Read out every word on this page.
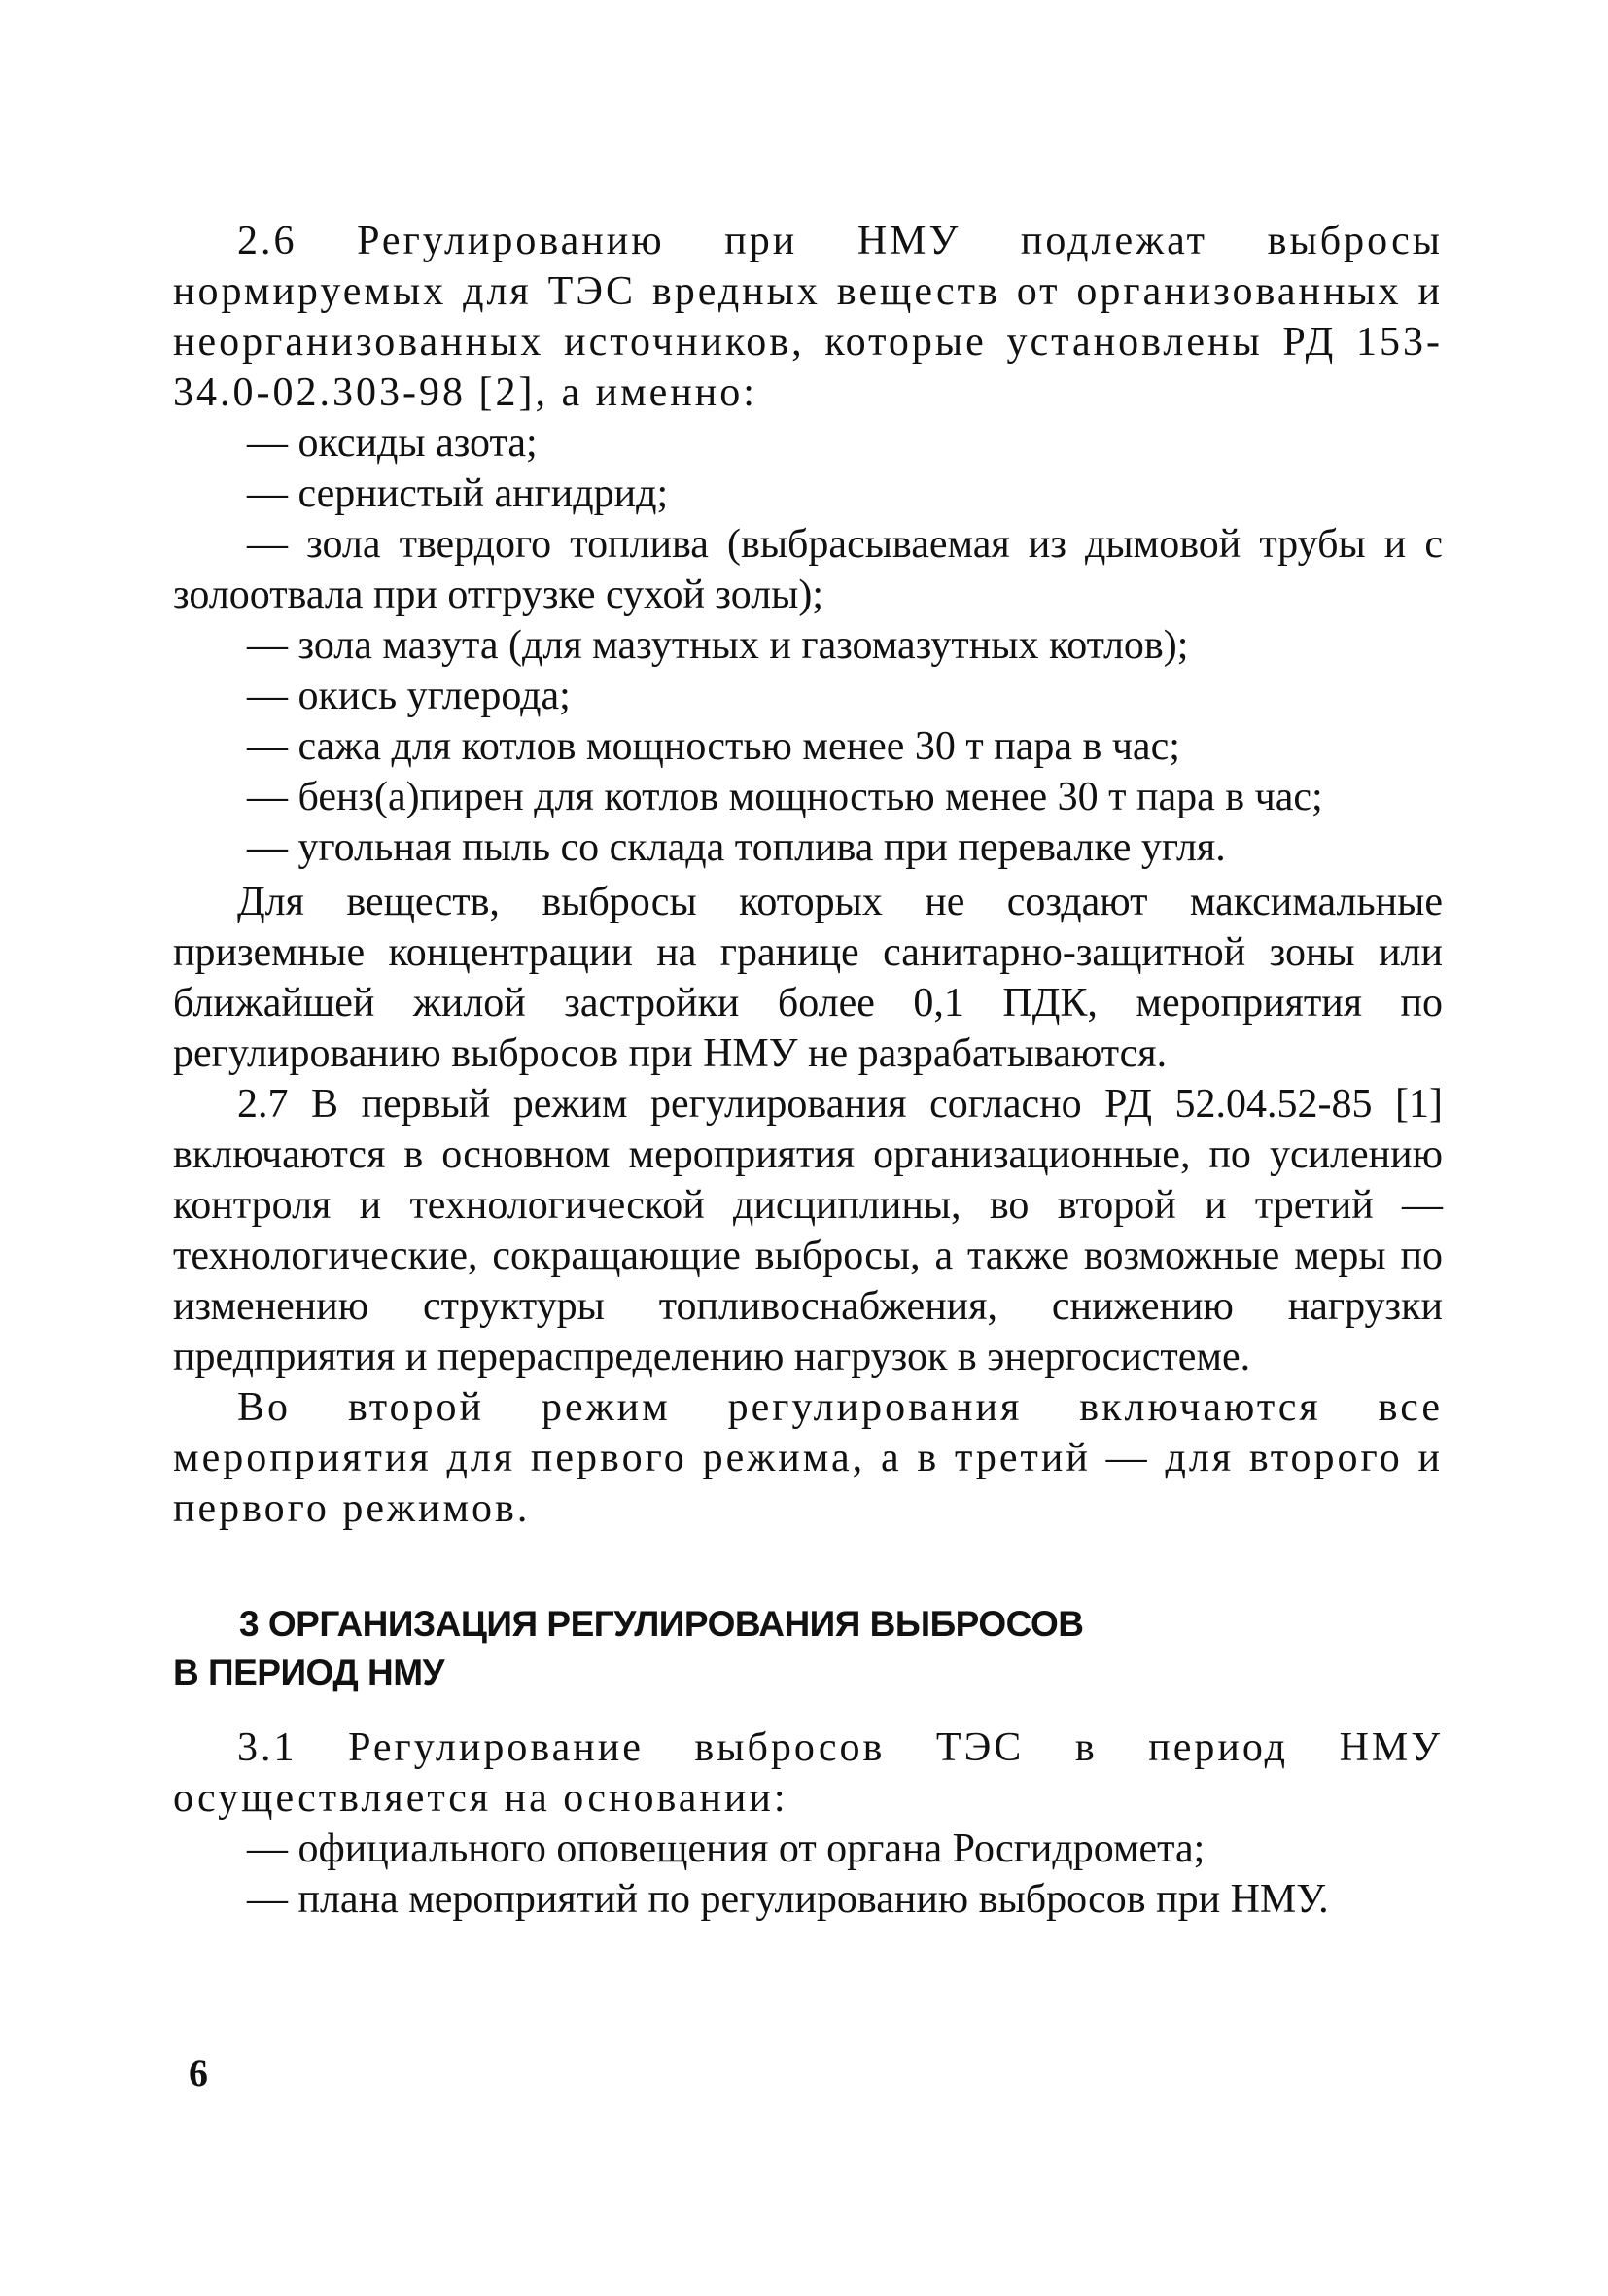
2.6 Регулированию при НМУ подлежат выбросы нормируемых для ТЭС вредных веществ от организованных и неорганизованных источников, которые установлены РД 153-34.0-02.303-98 [2], а именно:

— оксиды азота;

— сернистый ангидрид;

— зола твердого топлива (выбрасываемая из дымовой трубы и с золоотвала при отгрузке сухой золы);

— зола мазута (для мазутных и газомазутных котлов);

— окись углерода;

— сажа для котлов мощностью менее 30 т пара в час;

— бенз(а)пирен для котлов мощностью менее 30 т пара в час;

— угольная пыль со склада топлива при перевалке угля.

Для веществ, выбросы которых не создают максимальные приземные концентрации на границе санитарно-защитной зоны или ближайшей жилой застройки более 0,1 ПДК, мероприятия по регулированию выбросов при НМУ не разрабатываются.

2.7 В первый режим регулирования согласно РД 52.04.52-85 [1] включаются в основном мероприятия организационные, по усилению контроля и технологической дисциплины, во второй и третий — технологические, сокращающие выбросы, а также возможные меры по изменению структуры топливоснабжения, снижению нагрузки предприятия и перераспределению нагрузок в энергосистеме.

Во второй режим регулирования включаются все мероприятия для первого режима, а в третий — для второго и первого режимов.

3 ОРГАНИЗАЦИЯ РЕГУЛИРОВАНИЯ ВЫБРОСОВ
В ПЕРИОД НМУ

3.1 Регулирование выбросов ТЭС в период НМУ осуществляется на основании:

— официального оповещения от органа Росгидромета;

— плана мероприятий по регулированию выбросов при НМУ.

6
